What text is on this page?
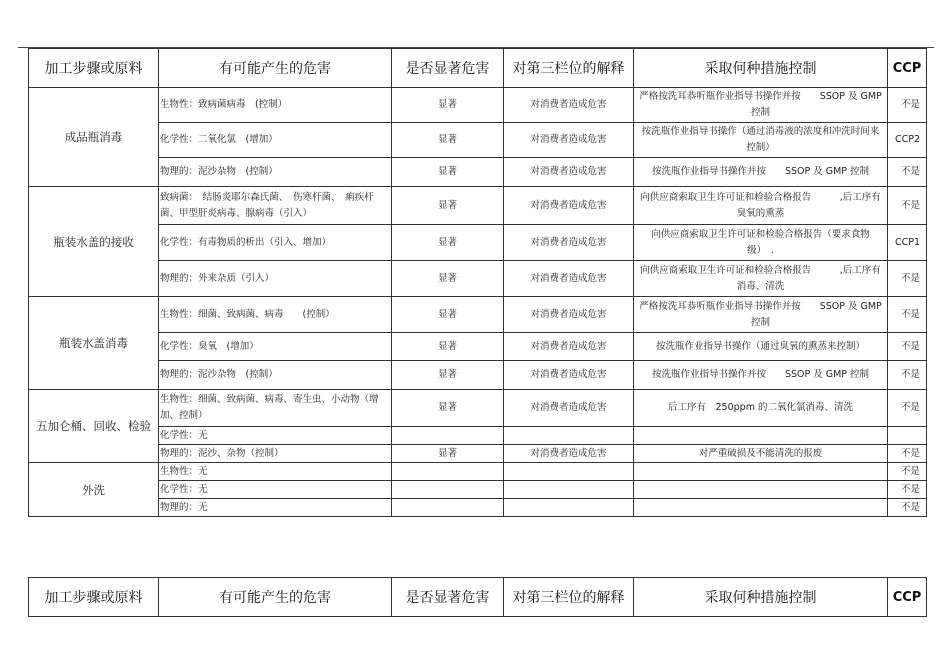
加工步骤或原料	有可能产生的危害	是否显著危害	对第三栏位的解释	采取何种措施控制	CCP
成品瓶消毒	生物性：致病菌病毒　(控制）	显著	对消费者造成危害	严格按洗耳恭听瓶作业指导书操作并按　　SSOP 及 GMP 控制	不是
	化学性：二氧化氯　(增加）	显著	对消费者造成危害	按洗瓶作业指导书操作（通过消毒液的浓度和冲洗时间来控制）	CCP2
	物理的：泥沙杂物　(控制）	显著	对消费者造成危害	按洗瓶作业指导书操作并按　　SSOP 及 GMP 控制	不是
瓶装水盖的接收	致病菌：　结肠炎耶尔森氏菌、　伤寒杆菌、　痢疾杆菌、甲型肝炎病毒、腺病毒（引入）	显著	对消费者造成危害	向供应商索取卫生许可证和检验合格报告　　　,后工序有臭氧的熏蒸	不是
	化学性：有毒物质的析出（引入、增加）	显著	对消费者造成危害	向供应商索取卫生许可证和检验合格报告（要求食物级）　.	CCP1
	物理的：外来杂质（引入）	显著	对消费者造成危害	向供应商索取卫生许可证和检验合格报告　　　,后工序有消毒、清洗	不是
瓶装水盖消毒	生物性：细菌、致病菌、病毒　　(控制）	显著	对消费者造成危害	严格按洗耳恭听瓶作业指导书操作并按　　SSOP 及 GMP 控制	不是
	化学性：臭氧　(增加）	显著	对消费者造成危害	按洗瓶作业指导书操作（通过臭氧的熏蒸来控制）	不是
	物理的：泥沙杂物　(控制）	显著	对消费者造成危害	按洗瓶作业指导书操作并按　　SSOP 及 GMP 控制	不是
五加仑桶、回收、检验	生物性：细菌、致病菌、病毒、寄生虫、小动物（增加、控制）	显著	对消费者造成危害	后工序有　250ppm 的二氧化氯消毒、清洗	不是
	化学性：无				
	物理的：泥沙、杂物（控制）	显著	对消费者造成危害	对严重破损及不能清洗的报废	不是
外洗	生物性：无				不是
	化学性：无				不是
	物理的：无				不是
加工步骤或原料	有可能产生的危害	是否显著危害	对第三栏位的解释	采取何种措施控制	CCP
